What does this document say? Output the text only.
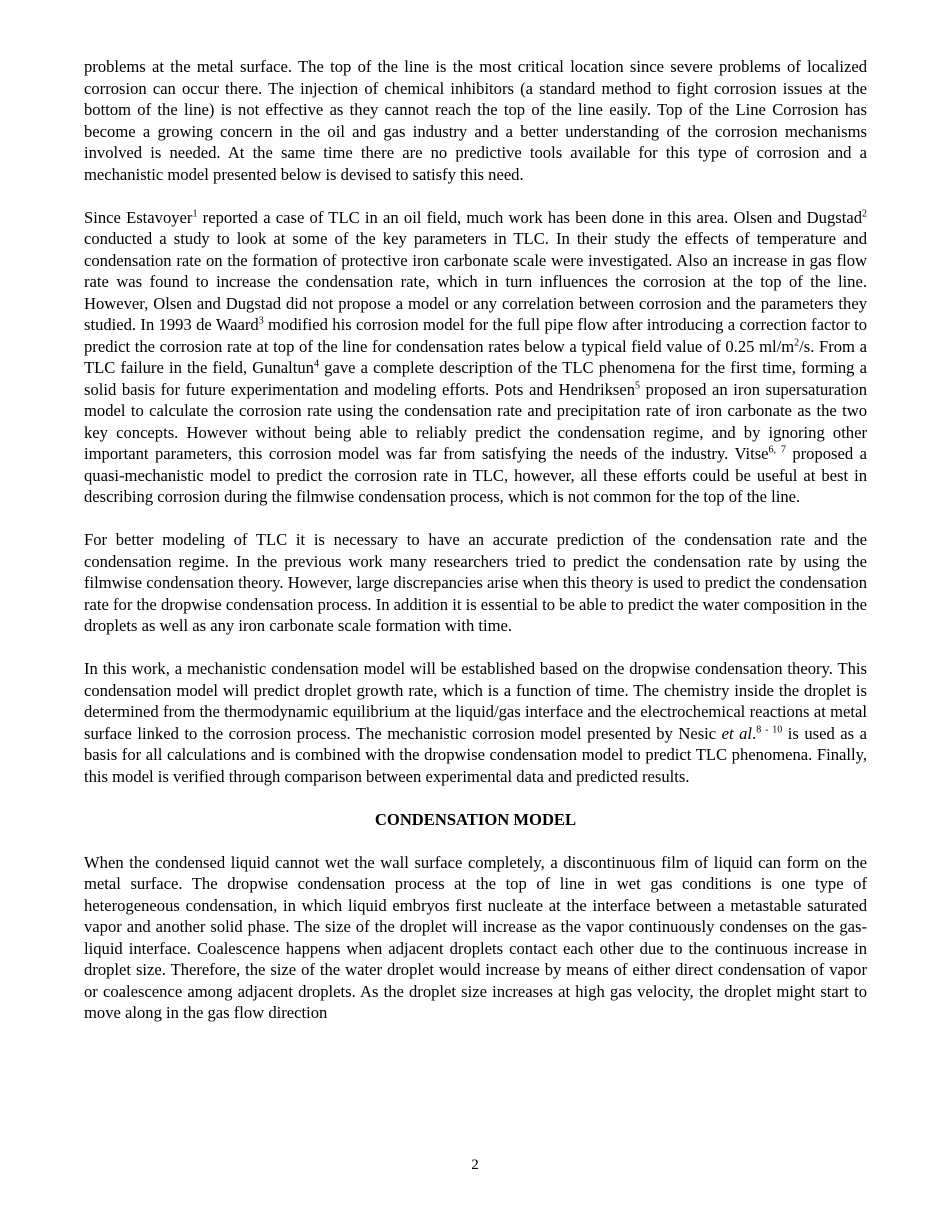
problems at the metal surface. The top of the line is the most critical location since severe problems of localized corrosion can occur there. The injection of chemical inhibitors (a standard method to fight corrosion issues at the bottom of the line) is not effective as they cannot reach the top of the line easily. Top of the Line Corrosion has become a growing concern in the oil and gas industry and a better understanding of the corrosion mechanisms involved is needed. At the same time there are no predictive tools available for this type of corrosion and a mechanistic model presented below is devised to satisfy this need.

Since Estavoyer$^1$ reported a case of TLC in an oil field, much work has been done in this area. Olsen and Dugstad$^2$ conducted a study to look at some of the key parameters in TLC. In their study the effects of temperature and condensation rate on the formation of protective iron carbonate scale were investigated. Also an increase in gas flow rate was found to increase the condensation rate, which in turn influences the corrosion at the top of the line. However, Olsen and Dugstad did not propose a model or any correlation between corrosion and the parameters they studied. In 1993 de Waard$^3$ modified his corrosion model for the full pipe flow after introducing a correction factor to predict the corrosion rate at top of the line for condensation rates below a typical field value of 0.25 $ml/m^2/s$. From a TLC failure in the field, Gunaltun$^4$ gave a complete description of the TLC phenomena for the first time, forming a solid basis for future experimentation and modeling efforts. Pots and Hendriksen$^5$ proposed an iron supersaturation model to calculate the corrosion rate using the condensation rate and precipitation rate of iron carbonate as the two key concepts. However without being able to reliably predict the condensation regime, and by ignoring other important parameters, this corrosion model was far from satisfying the needs of the industry. Vitse$^{6, 7}$ proposed a quasi-mechanistic model to predict the corrosion rate in TLC, however, all these efforts could be useful at best in describing corrosion during the filmwise condensation process, which is not common for the top of the line.

For better modeling of TLC it is necessary to have an accurate prediction of the condensation rate and the condensation regime. In the previous work many researchers tried to predict the condensation rate by using the filmwise condensation theory. However, large discrepancies arise when this theory is used to predict the condensation rate for the dropwise condensation process. In addition it is essential to be able to predict the water composition in the droplets as well as any iron carbonate scale formation with time.

In this work, a mechanistic condensation model will be established based on the dropwise condensation theory. This condensation model will predict droplet growth rate, which is a function of time. The chemistry inside the droplet is determined from the thermodynamic equilibrium at the liquid/gas interface and the electrochemical reactions at metal surface linked to the corrosion process. The mechanistic corrosion model presented by Nesic et al.$^{8 - 10}$ is used as a basis for all calculations and is combined with the dropwise condensation model to predict TLC phenomena. Finally, this model is verified through comparison between experimental data and predicted results.

CONDENSATION MODEL

When the condensed liquid cannot wet the wall surface completely, a discontinuous film of liquid can form on the metal surface. The dropwise condensation process at the top of line in wet gas conditions is one type of heterogeneous condensation, in which liquid embryos first nucleate at the interface between a metastable saturated vapor and another solid phase. The size of the droplet will increase as the vapor continuously condenses on the gas-liquid interface. Coalescence happens when adjacent droplets contact each other due to the continuous increase in droplet size. Therefore, the size of the water droplet would increase by means of either direct condensation of vapor or coalescence among adjacent droplets. As the droplet size increases at high gas velocity, the droplet might start to move along in the gas flow direction

2
